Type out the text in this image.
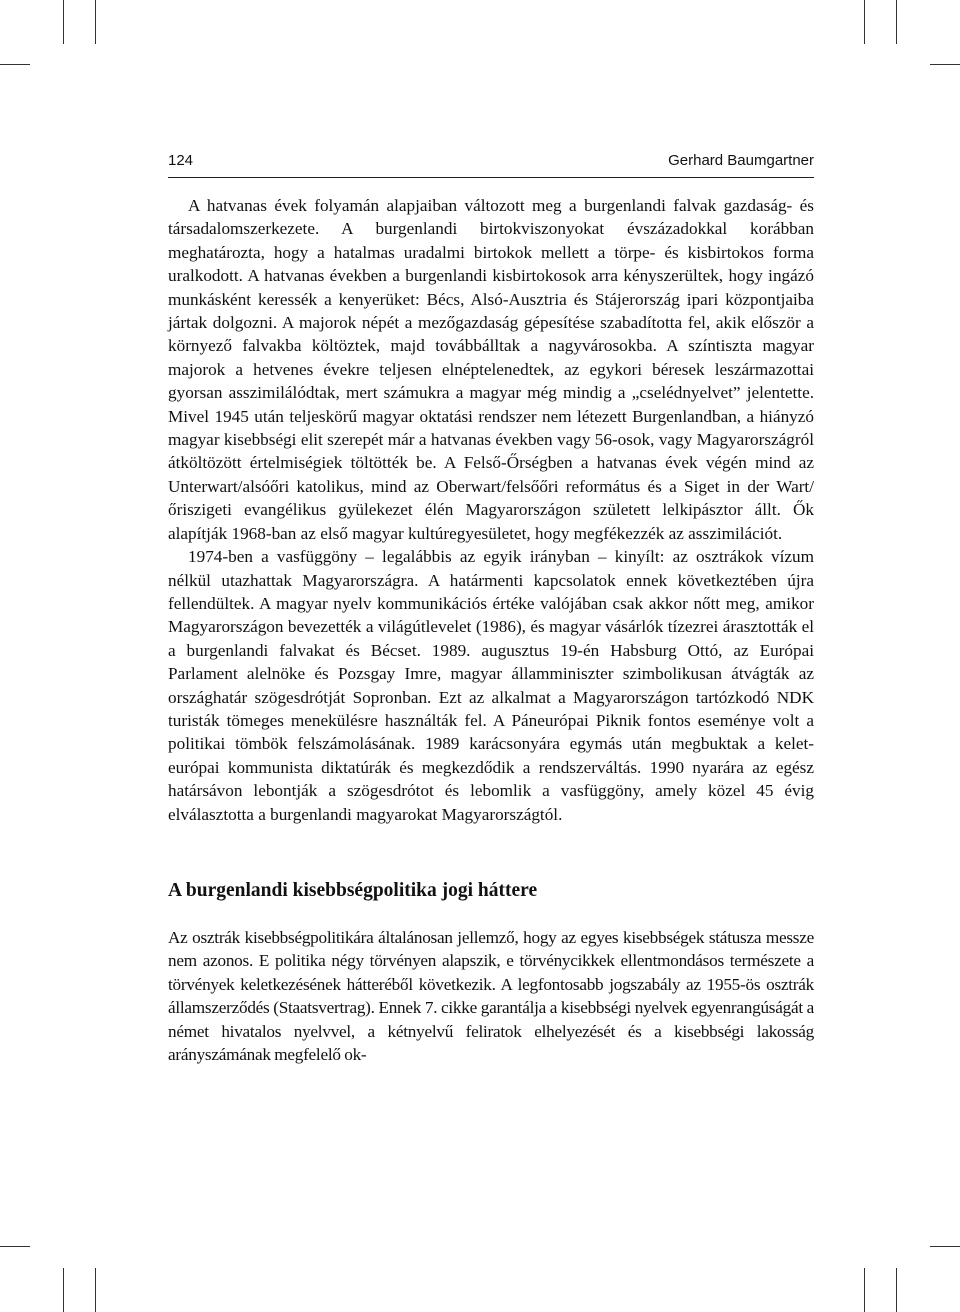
124	Gerhard Baumgartner

A hatvanas évek folyamán alapjaiban változott meg a burgenlandi falvak gazdaság- és társadalomszerkezete. A burgenlandi birtokviszonyokat évszázadokkal korábban meghatározta, hogy a hatalmas uradalmi birtokok mellett a törpe- és kisbirtokos forma uralkodott. A hatvanas években a burgenlandi kisbirtokosok arra kényszerültek, hogy ingázó munkásként keressék a kenyerüket: Bécs, Alsó-Ausztria és Stájerország ipari központjaiba jártak dolgozni. A majorok népét a mezőgazdaság gépesítése szabadította fel, akik először a környező falvakba költöztek, majd továbbálltak a nagyvárosokba. A színtiszta magyar majorok a hetvenes évekre teljesen elnéptelenedtek, az egykori béresek leszármazottai gyorsan asszimilálódtak, mert számukra a magyar még mindig a „cselédnyelvet” jelentette. Mivel 1945 után teljeskörű magyar oktatási rendszer nem létezett Burgenlandban, a hiányzó magyar kisebbségi elit szerepét már a hatvanas években vagy 56-osok, vagy Magyarországról átköltözött értelmiségiek töltötték be. A Felső-Őrségben a hatvanas évek végén mind az Unterwart/alsóőri katolikus, mind az Oberwart/felsőőri református és a Siget in der Wart/őriszigeti evangélikus gyülekezet élén Magyarországon született lelkipásztor állt. Ők alapítják 1968-ban az első magyar kultúregyesületet, hogy megfékezzék az asszimilációt.

1974-ben a vasfüggöny – legalábbis az egyik irányban – kinyílt: az osztrákok vízum nélkül utazhattak Magyarországra. A határmenti kapcsolatok ennek következtében újra fellendültek. A magyar nyelv kommunikációs értéke valójában csak akkor nőtt meg, amikor Magyarországon bevezették a világútlevelet (1986), és magyar vásárlók tízezrei árasztották el a burgenlandi falvakat és Bécset. 1989. augusztus 19-én Habsburg Ottó, az Európai Parlament alelnöke és Pozsgay Imre, magyar államminiszter szimbolikusan átvágták az országhatár szögesdrótját Sopronban. Ezt az alkalmat a Magyarországon tartózkodó NDK turisták tömeges menekülésre használták fel. A Páneurópai Piknik fontos eseménye volt a politikai tömbök felszámolásának. 1989 karácsonyára egymás után megbuktak a kelet-európai kommunista diktatúrák és megkezdődik a rendszerváltás. 1990 nyarára az egész határsávon lebontják a szögesdrótot és lebomlik a vasfüggöny, amely közel 45 évig elválasztotta a burgenlandi magyarokat Magyarországtól.

A burgenlandi kisebbségpolitika jogi háttere

Az osztrák kisebbségpolitikára általánosan jellemző, hogy az egyes kisebbségek státusza messze nem azonos. E politika négy törvényen alapszik, e törvénycikkek ellentmondásos természete a törvények keletkezésének hátteréből következik. A legfontosabb jogszabály az 1955-ös osztrák államszerződés (Staatsvertrag). Ennek 7. cikke garantálja a kisebbségi nyelvek egyenrangúságát a német hivatalos nyelvvel, a kétnyelvű feliratok elhelyezését és a kisebbségi lakosság arányszámának megfelelő ok-
